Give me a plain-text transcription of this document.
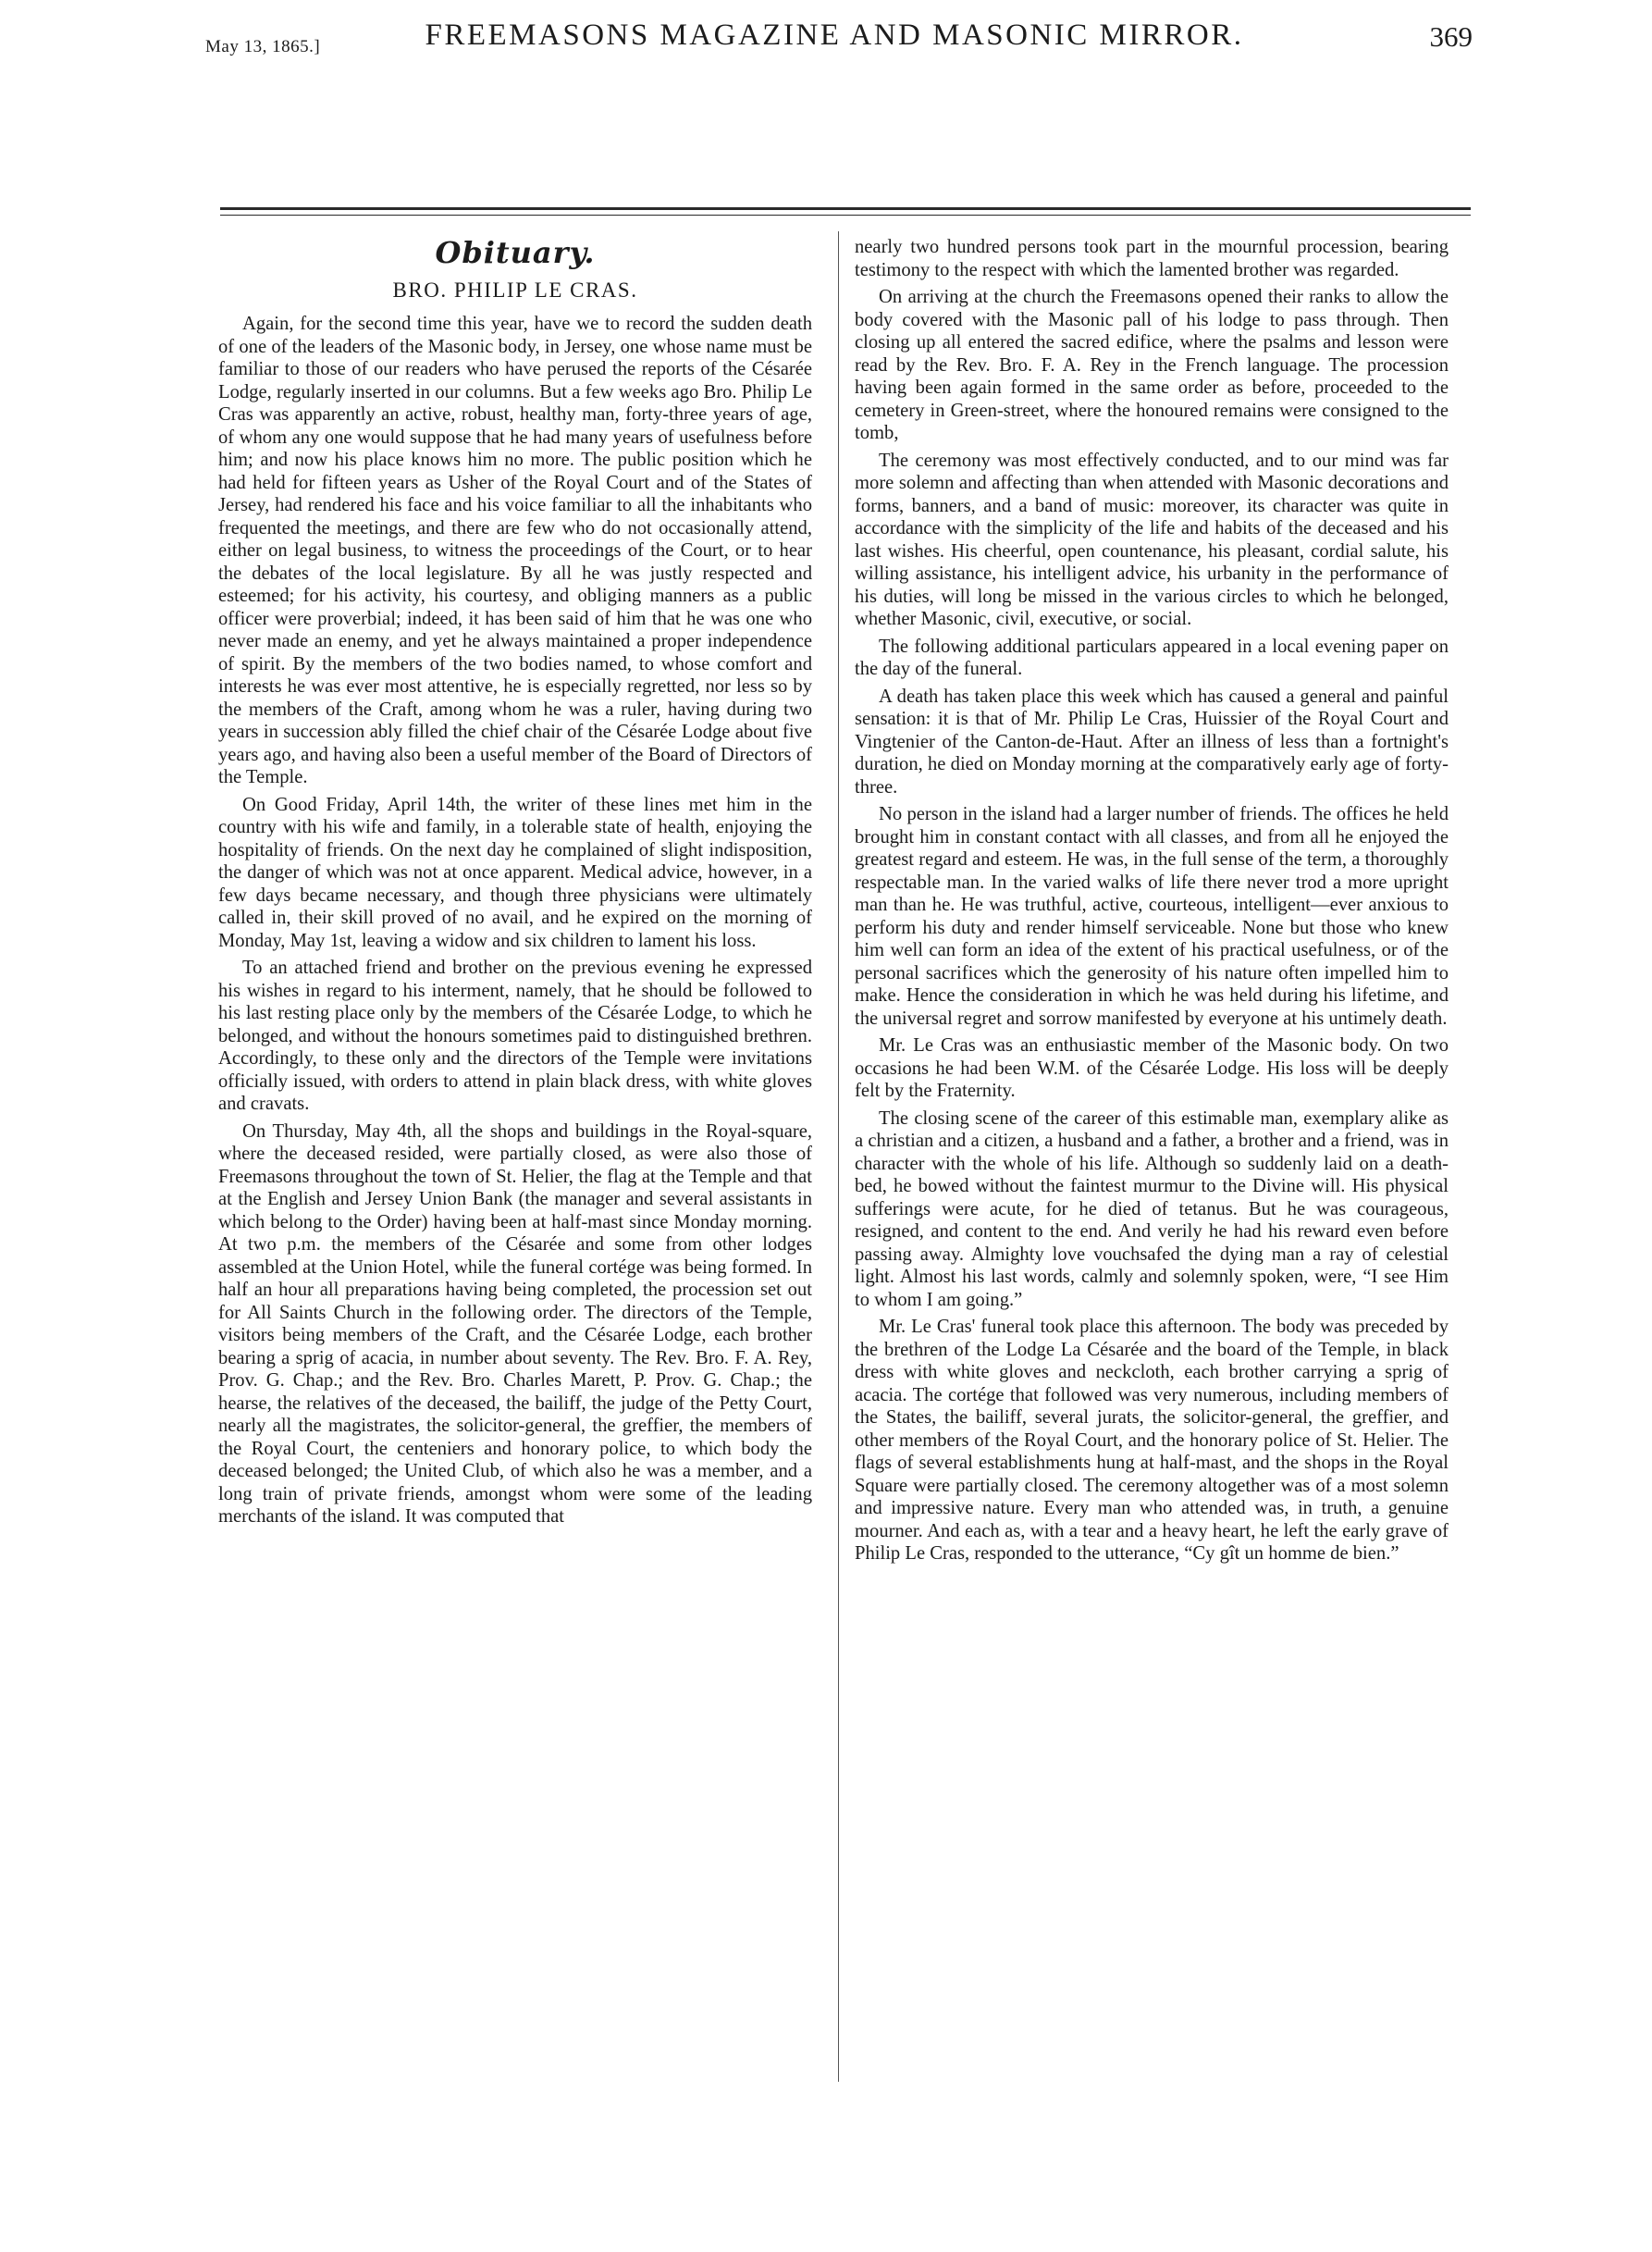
May 13, 1865.]	FREEMASONS MAGAZINE AND MASONIC MIRROR.	369
Obituary.
BRO. PHILIP LE CRAS.

Again, for the second time this year, have we to record the sudden death of one of the leaders of the Masonic body, in Jersey, one whose name must be familiar to those of our readers who have perused the reports of the Césarée Lodge, regularly inserted in our columns. But a few weeks ago Bro. Philip Le Cras was apparently an active, robust, healthy man, forty-three years of age, of whom any one would suppose that he had many years of usefulness before him; and now his place knows him no more. The public position which he had held for fifteen years as Usher of the Royal Court and of the States of Jersey, had rendered his face and his voice familiar to all the inhabitants who frequented the meetings, and there are few who do not occasionally attend, either on legal business, to witness the proceedings of the Court, or to hear the debates of the local legislature. By all he was justly respected and esteemed; for his activity, his courtesy, and obliging manners as a public officer were proverbial; indeed, it has been said of him that he was one who never made an enemy, and yet he always maintained a proper independence of spirit. By the members of the two bodies named, to whose comfort and interests he was ever most attentive, he is especially regretted, nor less so by the members of the Craft, among whom he was a ruler, having during two years in succession ably filled the chief chair of the Césarée Lodge about five years ago, and having also been a useful member of the Board of Directors of the Temple.

On Good Friday, April 14th, the writer of these lines met him in the country with his wife and family, in a tolerable state of health, enjoying the hospitality of friends. On the next day he complained of slight indisposition, the danger of which was not at once apparent. Medical advice, however, in a few days became necessary, and though three physicians were ultimately called in, their skill proved of no avail, and he expired on the morning of Monday, May 1st, leaving a widow and six children to lament his loss.

To an attached friend and brother on the previous evening he expressed his wishes in regard to his interment, namely, that he should be followed to his last resting place only by the members of the Césarée Lodge, to which he belonged, and without the honours sometimes paid to distinguished brethren. Accordingly, to these only and the directors of the Temple were invitations officially issued, with orders to attend in plain black dress, with white gloves and cravats.

On Thursday, May 4th, all the shops and buildings in the Royal-square, where the deceased resided, were partially closed, as were also those of Freemasons throughout the town of St. Helier, the flag at the Temple and that at the English and Jersey Union Bank (the manager and several assistants in which belong to the Order) having been at half-mast since Monday morning. At two p.m. the members of the Césarée and some from other lodges assembled at the Union Hotel, while the funeral cortége was being formed. In half an hour all preparations having being completed, the procession set out for All Saints Church in the following order. The directors of the Temple, visitors being members of the Craft, and the Césarée Lodge, each brother bearing a sprig of acacia, in number about seventy. The Rev. Bro. F. A. Rey, Prov. G. Chap.; and the Rev. Bro. Charles Marett, P. Prov. G. Chap.; the hearse, the relatives of the deceased, the bailiff, the judge of the Petty Court, nearly all the magistrates, the solicitor-general, the greffier, the members of the Royal Court, the centeniers and honorary police, to which body the deceased belonged; the United Club, of which also he was a member, and a long train of private friends, amongst whom were some of the leading merchants of the island. It was computed that

nearly two hundred persons took part in the mournful procession, bearing testimony to the respect with which the lamented brother was regarded.

On arriving at the church the Freemasons opened their ranks to allow the body covered with the Masonic pall of his lodge to pass through. Then closing up all entered the sacred edifice, where the psalms and lesson were read by the Rev. Bro. F. A. Rey in the French language. The procession having been again formed in the same order as before, proceeded to the cemetery in Green-street, where the honoured remains were consigned to the tomb,

The ceremony was most effectively conducted, and to our mind was far more solemn and affecting than when attended with Masonic decorations and forms, banners, and a band of music: moreover, its character was quite in accordance with the simplicity of the life and habits of the deceased and his last wishes. His cheerful, open countenance, his pleasant, cordial salute, his willing assistance, his intelligent advice, his urbanity in the performance of his duties, will long be missed in the various circles to which he belonged, whether Masonic, civil, executive, or social.

The following additional particulars appeared in a local evening paper on the day of the funeral.

A death has taken place this week which has caused a general and painful sensation: it is that of Mr. Philip Le Cras, Huissier of the Royal Court and Vingtenier of the Canton-de-Haut. After an illness of less than a fortnight's duration, he died on Monday morning at the comparatively early age of forty-three.

No person in the island had a larger number of friends. The offices he held brought him in constant contact with all classes, and from all he enjoyed the greatest regard and esteem. He was, in the full sense of the term, a thoroughly respectable man. In the varied walks of life there never trod a more upright man than he. He was truthful, active, courteous, intelligent—ever anxious to perform his duty and render himself serviceable. None but those who knew him well can form an idea of the extent of his practical usefulness, or of the personal sacrifices which the generosity of his nature often impelled him to make. Hence the consideration in which he was held during his lifetime, and the universal regret and sorrow manifested by everyone at his untimely death.

Mr. Le Cras was an enthusiastic member of the Masonic body. On two occasions he had been W.M. of the Césarée Lodge. His loss will be deeply felt by the Fraternity.

The closing scene of the career of this estimable man, exemplary alike as a christian and a citizen, a husband and a father, a brother and a friend, was in character with the whole of his life. Although so suddenly laid on a death-bed, he bowed without the faintest murmur to the Divine will. His physical sufferings were acute, for he died of tetanus. But he was courageous, resigned, and content to the end. And verily he had his reward even before passing away. Almighty love vouchsafed the dying man a ray of celestial light. Almost his last words, calmly and solemnly spoken, were, “I see Him to whom I am going.”

Mr. Le Cras' funeral took place this afternoon. The body was preceded by the brethren of the Lodge La Césarée and the board of the Temple, in black dress with white gloves and neckcloth, each brother carrying a sprig of acacia. The cortége that followed was very numerous, including members of the States, the bailiff, several jurats, the solicitor-general, the greffier, and other members of the Royal Court, and the honorary police of St. Helier. The flags of several establishments hung at half-mast, and the shops in the Royal Square were partially closed. The ceremony altogether was of a most solemn and impressive nature. Every man who attended was, in truth, a genuine mourner. And each as, with a tear and a heavy heart, he left the early grave of Philip Le Cras, responded to the utterance, “Cy gît un homme de bien.”
